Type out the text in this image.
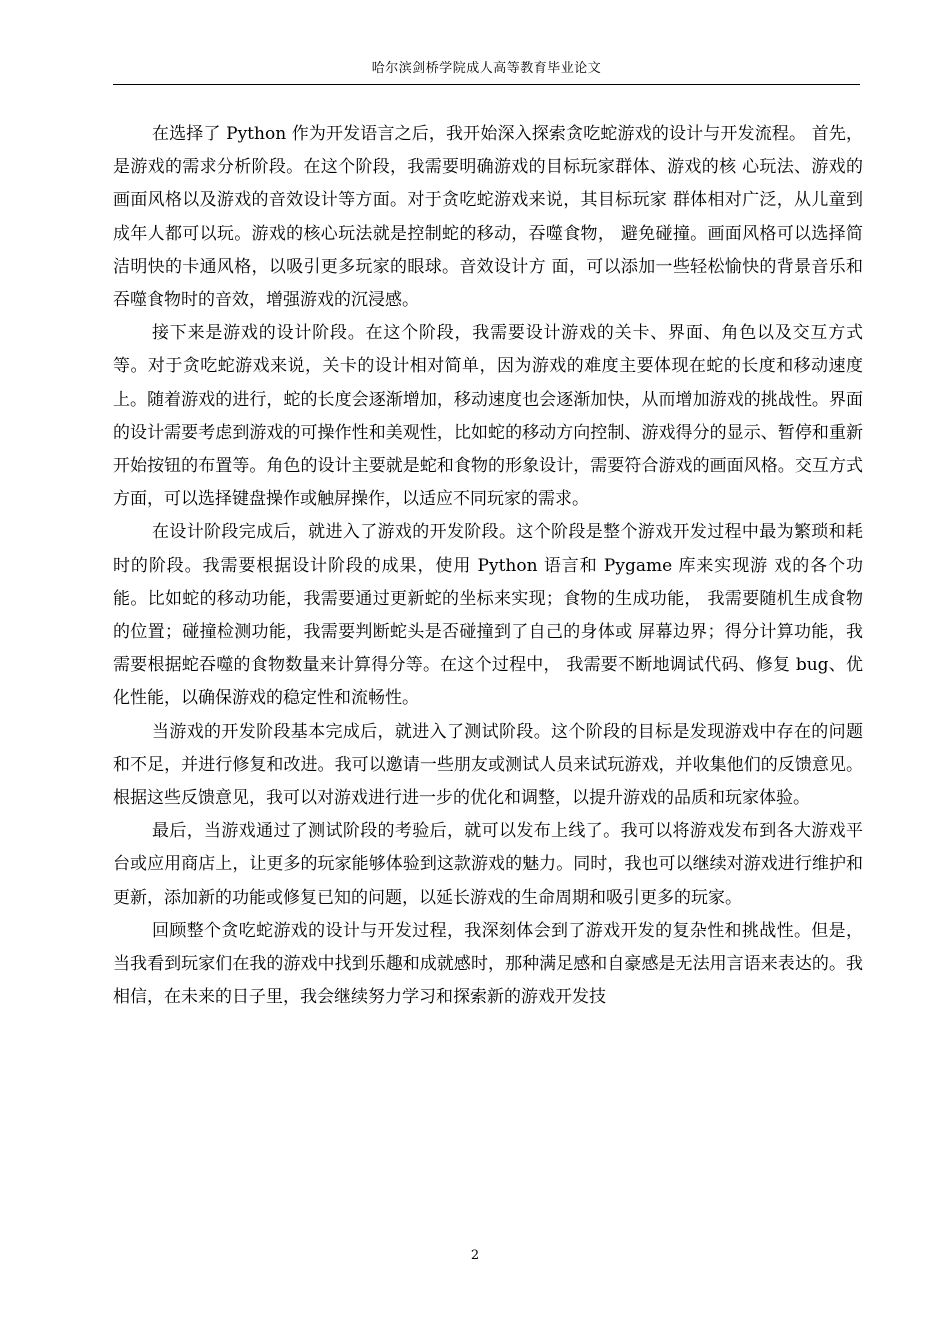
哈尔滨剑桥学院成人高等教育毕业论文

在选择了 Python 作为开发语言之后，我开始深入探索贪吃蛇游戏的设计与开发流程。 首先，是游戏的需求分析阶段。在这个阶段，我需要明确游戏的目标玩家群体、游戏的核 心玩法、游戏的画面风格以及游戏的音效设计等方面。对于贪吃蛇游戏来说，其目标玩家 群体相对广泛，从儿童到成年人都可以玩。游戏的核心玩法就是控制蛇的移动，吞噬食物， 避免碰撞。画面风格可以选择简洁明快的卡通风格，以吸引更多玩家的眼球。音效设计方 面，可以添加一些轻松愉快的背景音乐和吞噬食物时的音效，增强游戏的沉浸感。

接下来是游戏的设计阶段。在这个阶段，我需要设计游戏的关卡、界面、角色以及交互方式等。对于贪吃蛇游戏来说，关卡的设计相对简单，因为游戏的难度主要体现在蛇的长度和移动速度上。随着游戏的进行，蛇的长度会逐渐增加，移动速度也会逐渐加快，从而增加游戏的挑战性。界面的设计需要考虑到游戏的可操作性和美观性，比如蛇的移动方向控制、游戏得分的显示、暂停和重新开始按钮的布置等。角色的设计主要就是蛇和食物的形象设计，需要符合游戏的画面风格。交互方式方面，可以选择键盘操作或触屏操作，以适应不同玩家的需求。

在设计阶段完成后，就进入了游戏的开发阶段。这个阶段是整个游戏开发过程中最为繁琐和耗时的阶段。我需要根据设计阶段的成果，使用 Python 语言和 Pygame 库来实现游 戏的各个功能。比如蛇的移动功能，我需要通过更新蛇的坐标来实现；食物的生成功能， 我需要随机生成食物的位置；碰撞检测功能，我需要判断蛇头是否碰撞到了自己的身体或 屏幕边界；得分计算功能，我需要根据蛇吞噬的食物数量来计算得分等。在这个过程中， 我需要不断地调试代码、修复 bug、优化性能，以确保游戏的稳定性和流畅性。

当游戏的开发阶段基本完成后，就进入了测试阶段。这个阶段的目标是发现游戏中存在的问题和不足，并进行修复和改进。我可以邀请一些朋友或测试人员来试玩游戏，并收集他们的反馈意见。根据这些反馈意见，我可以对游戏进行进一步的优化和调整，以提升游戏的品质和玩家体验。

最后，当游戏通过了测试阶段的考验后，就可以发布上线了。我可以将游戏发布到各大游戏平台或应用商店上，让更多的玩家能够体验到这款游戏的魅力。同时，我也可以继续对游戏进行维护和更新，添加新的功能或修复已知的问题，以延长游戏的生命周期和吸引更多的玩家。

回顾整个贪吃蛇游戏的设计与开发过程，我深刻体会到了游戏开发的复杂性和挑战性。但是，当我看到玩家们在我的游戏中找到乐趣和成就感时，那种满足感和自豪感是无法用言语来表达的。我相信，在未来的日子里，我会继续努力学习和探索新的游戏开发技

2
